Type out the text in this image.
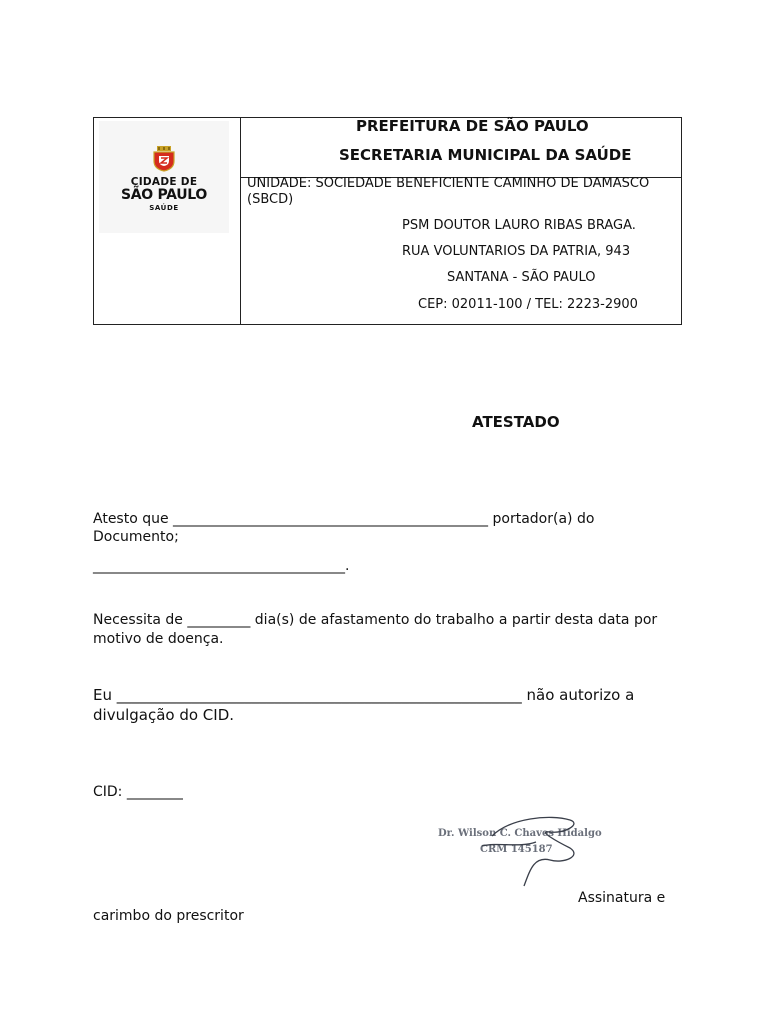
CIDADE DE
SÃO PAULO
SAÚDE
PREFEITURA DE SÃO PAULO
SECRETARIA MUNICIPAL DA SAÚDE
UNIDADE: SOCIEDADE BENEFICIENTE CAMINHO DE DAMASCO
(SBCD)
PSM DOUTOR LAURO RIBAS BRAGA.
RUA VOLUNTARIOS DA PATRIA, 943
SANTANA - SÃO PAULO
CEP: 02011-100 / TEL: 2223-2900
ATESTADO
Atesto que _____________________________________________ portador(a) do
Documento;
____________________________________.
Necessita de _________ dia(s) de afastamento do trabalho a partir desta data por
motivo de doença.
Eu ______________________________________________________ não autorizo a
divulgação do CID.
CID: ________
Dr. Wilson C. Chaves Hidalgo
CRM 145187
Assinatura e
carimbo do prescritor
